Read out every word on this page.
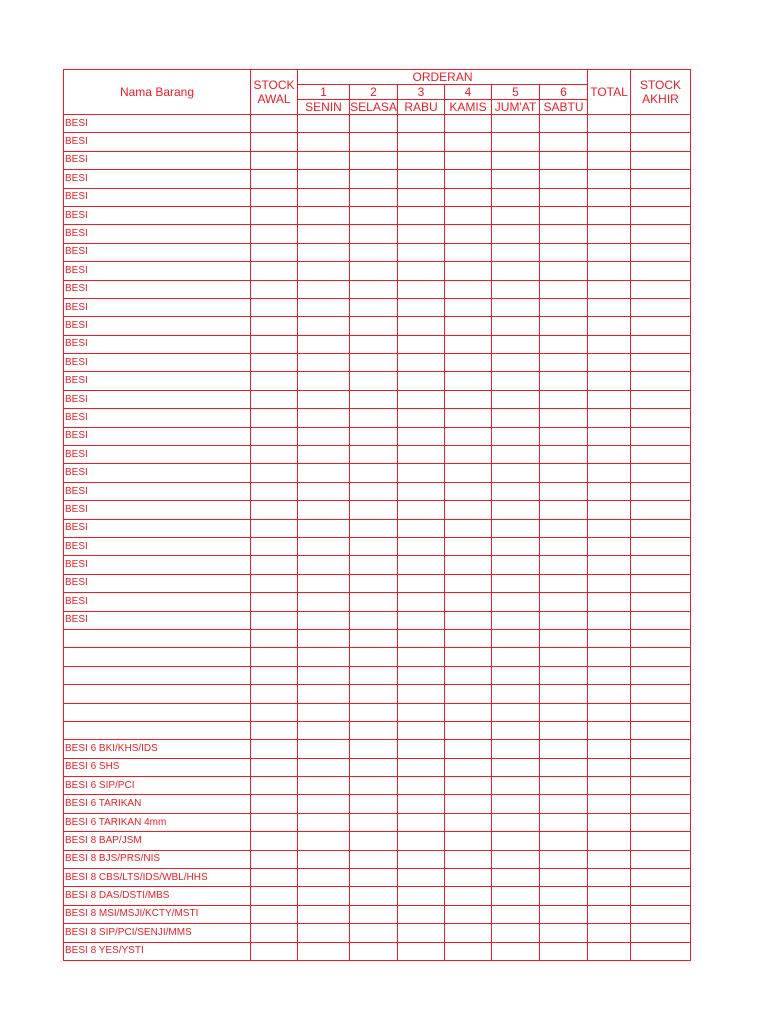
Nama Barang	STOCK AWAL	ORDERAN						TOTAL	STOCK AKHIR
		1	2	3	4	5	6		
		SENIN	SELASA	RABU	KAMIS	JUM'AT	SABTU		
BESI									
BESI									
BESI									
BESI									
BESI									
BESI									
BESI									
BESI									
BESI									
BESI									
BESI									
BESI									
BESI									
BESI									
BESI									
BESI									
BESI									
BESI									
BESI									
BESI									
BESI									
BESI									
BESI									
BESI									
BESI									
BESI									
BESI									
BESI									

BESI 6 BKI/KHS/IDS									
BESI 6 SHS									
BESI 6 SIP/PCI									
BESI 6 TARIKAN									
BESI 6 TARIKAN 4mm									
BESI 8 BAP/JSM									
BESI 8 BJS/PRS/NIS									
BESI 8 CBS/LTS/IDS/WBL/HHS									
BESI 8 DAS/DSTI/MBS									
BESI 8 MSI/MSJI/KCTY/MSTI									
BESI 8 SIP/PCI/SENJI/MMS									
BESI 8 YES/YSTI									
